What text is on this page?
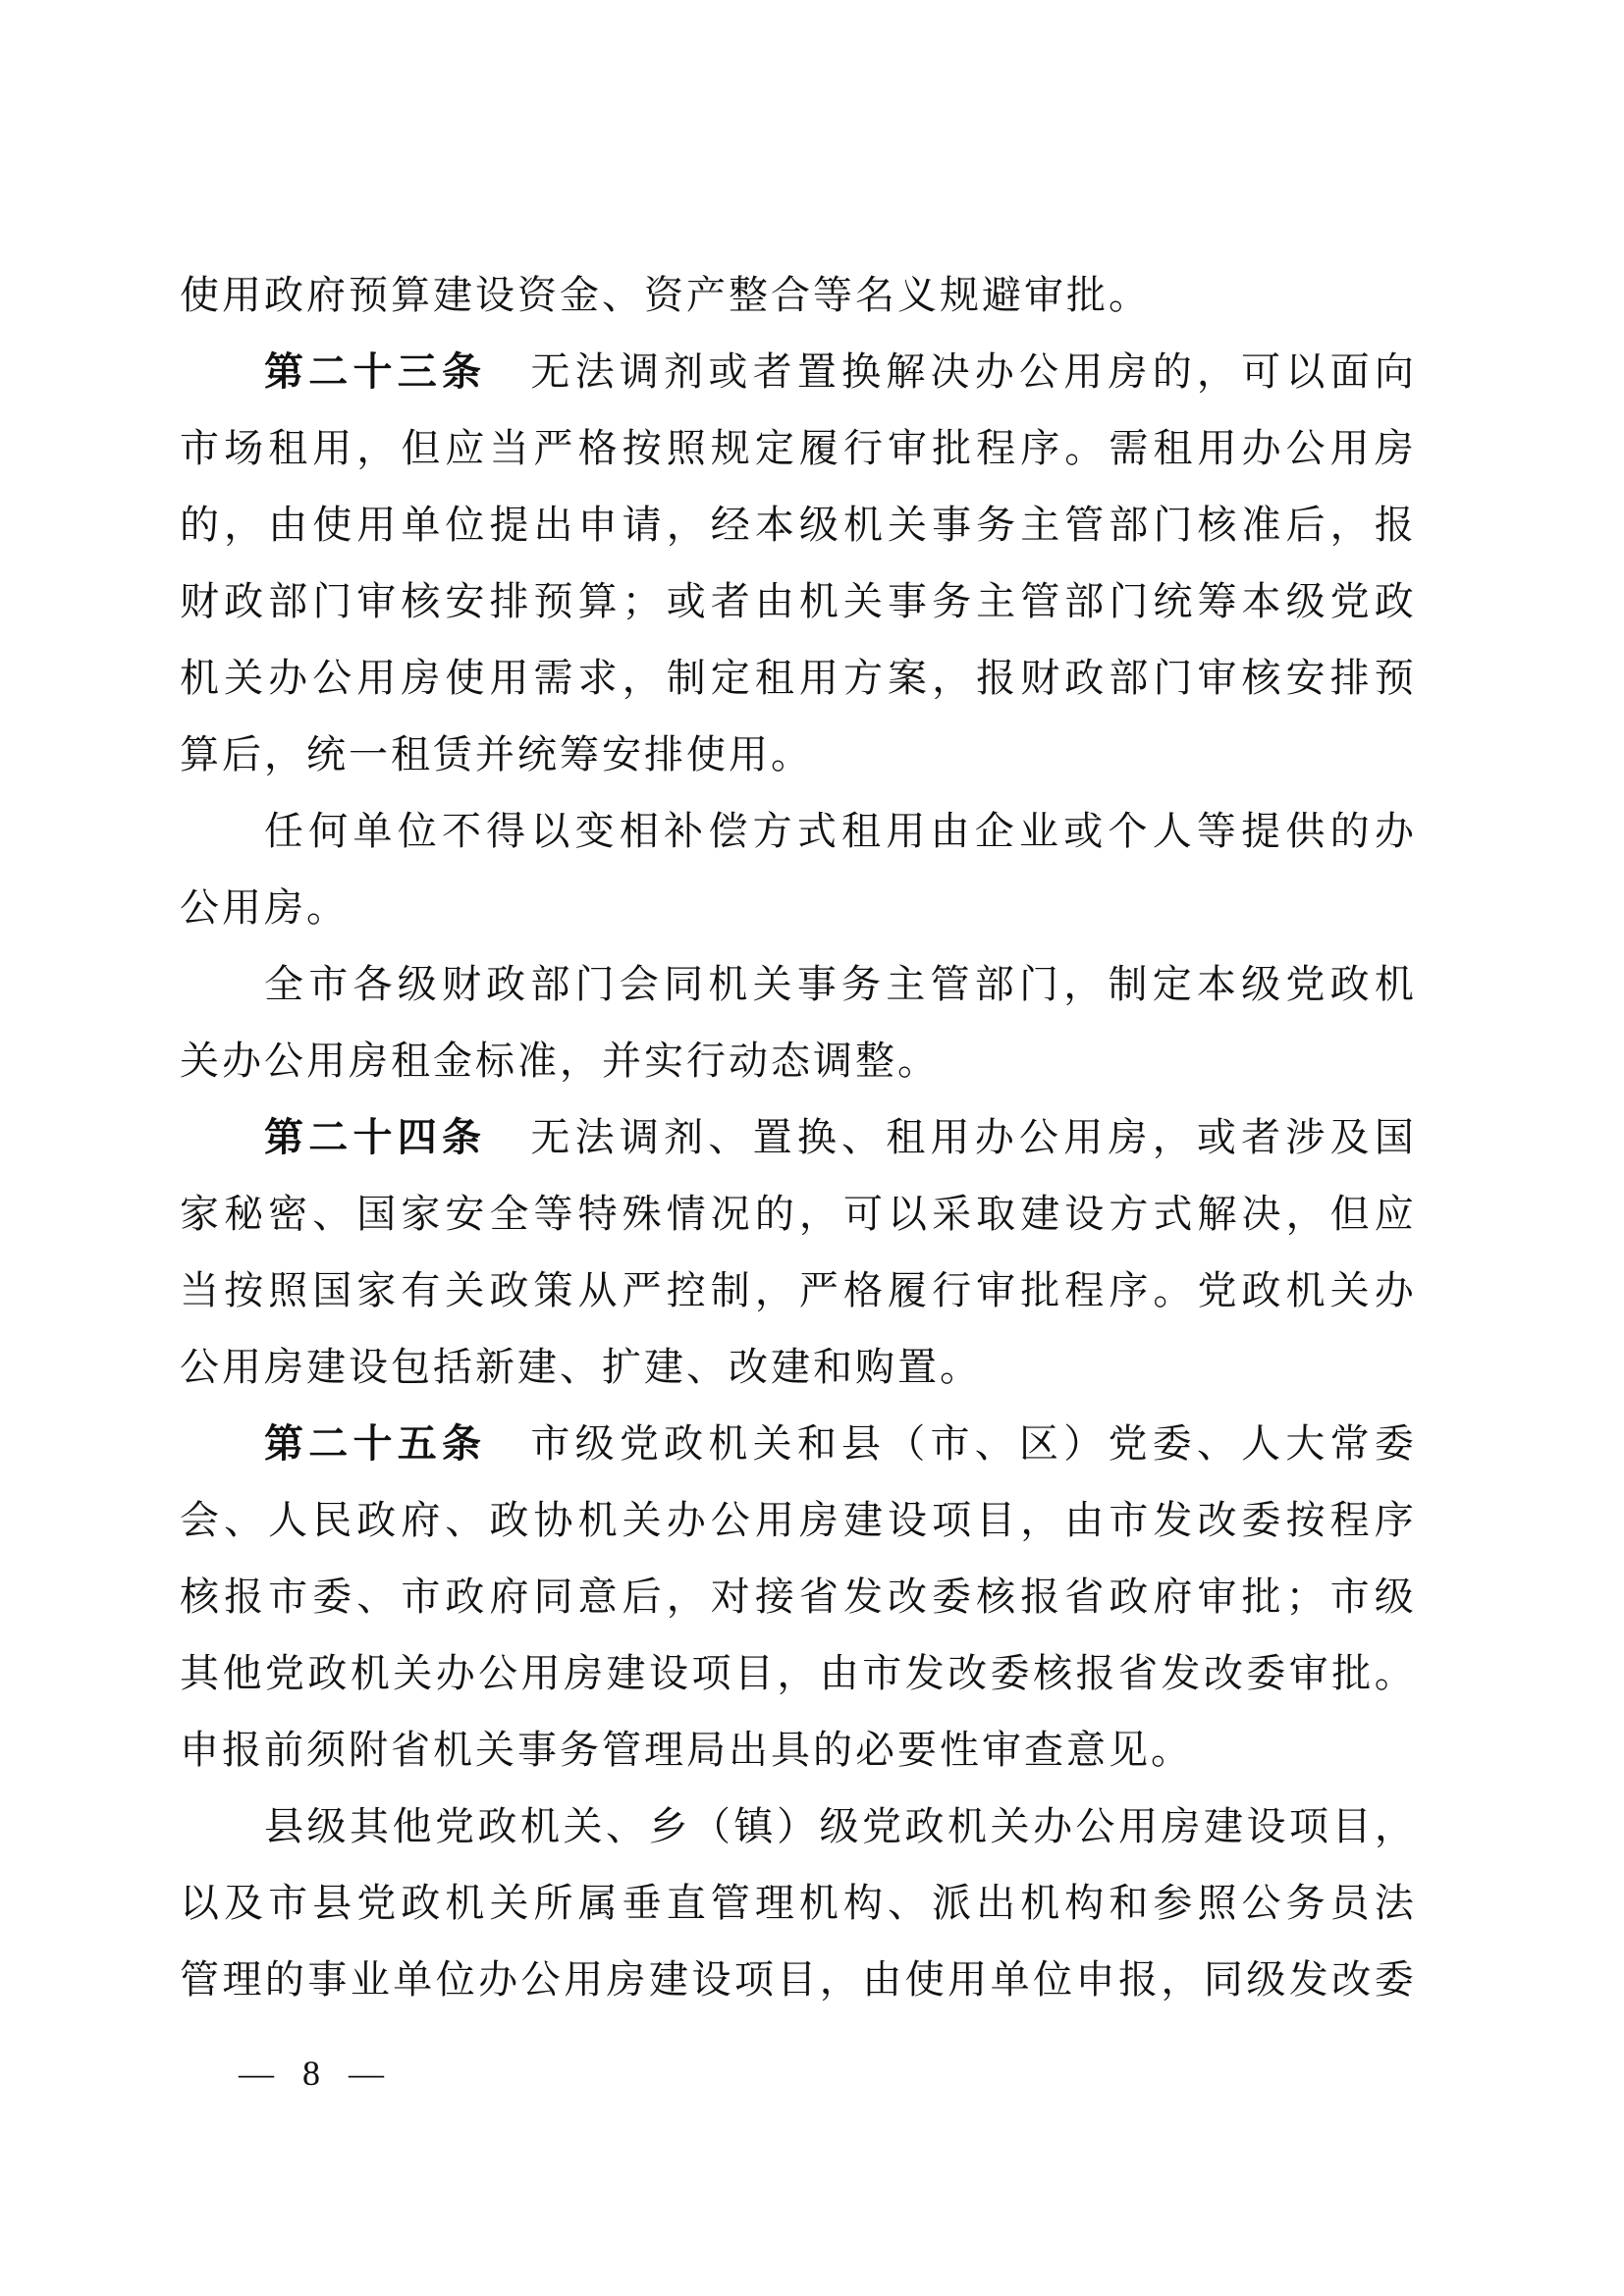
使用政府预算建设资金、资产整合等名义规避审批。
第 二 十 三 条
　 无 法 调 剂 或 者 置 换 解 决 办 公 用 房 的 ， 可 以 面 向
市 场 租 用 ， 但 应 当 严 格 按 照 规 定 履 行 审 批 程 序 。 需 租 用 办 公 用 房
的 ， 由 使 用 单 位 提 出 申 请 ， 经 本 级 机 关 事 务 主 管 部 门 核 准 后 ， 报
财 政 部 门 审 核 安 排 预 算 ； 或 者 由 机 关 事 务 主 管 部 门 统 筹 本 级 党 政
机 关 办 公 用 房 使 用 需 求 ， 制 定 租 用 方 案 ， 报 财 政 部 门 审 核 安 排 预
算后，统一租赁并统筹安排使用。
任 何 单 位 不 得 以 变 相 补 偿 方 式 租 用 由 企 业 或 个 人 等 提 供 的 办
公用房。
全 市 各 级 财 政 部 门 会 同 机 关 事 务 主 管 部 门 ， 制 定 本 级 党 政 机
关办公用房租金标准，并实行动态调整。
第 二 十 四 条
　 无 法 调 剂 、 置 换 、 租 用 办 公 用 房 ， 或 者 涉 及 国
家 秘 密 、 国 家 安 全 等 特 殊 情 况 的 ， 可 以 采 取 建 设 方 式 解 决 ， 但 应
当 按 照 国 家 有 关 政 策 从 严 控 制 ， 严 格 履 行 审 批 程 序 。 党 政 机 关 办
公用房建设包括新建、扩建、改建和购置。
第 二 十 五 条
　 市 级 党 政 机 关 和 县 （ 市 、 区 ） 党 委 、 人 大 常 委
会 、 人 民 政 府 、 政 协 机 关 办 公 用 房 建 设 项 目 ， 由 市 发 改 委 按 程 序
核 报 市 委 、 市 政 府 同 意 后 ， 对 接 省 发 改 委 核 报 省 政 府 审 批 ； 市 级
其 他 党 政 机 关 办 公 用 房 建 设 项 目 ， 由 市 发 改 委 核 报 省 发 改 委 审 批 。
申报前须附省机关事务管理局出具的必要性审查意见。
县 级 其 他 党 政 机 关 、 乡 （ 镇 ） 级 党 政 机 关 办 公 用 房 建 设 项 目 ，
以 及 市 县 党 政 机 关 所 属 垂 直 管 理 机 构 、 派 出 机 构 和 参 照 公 务 员 法
管 理 的 事 业 单 位 办 公 用 房 建 设 项 目 ， 由 使 用 单 位 申 报 ， 同 级 发 改 委
— 8 —
